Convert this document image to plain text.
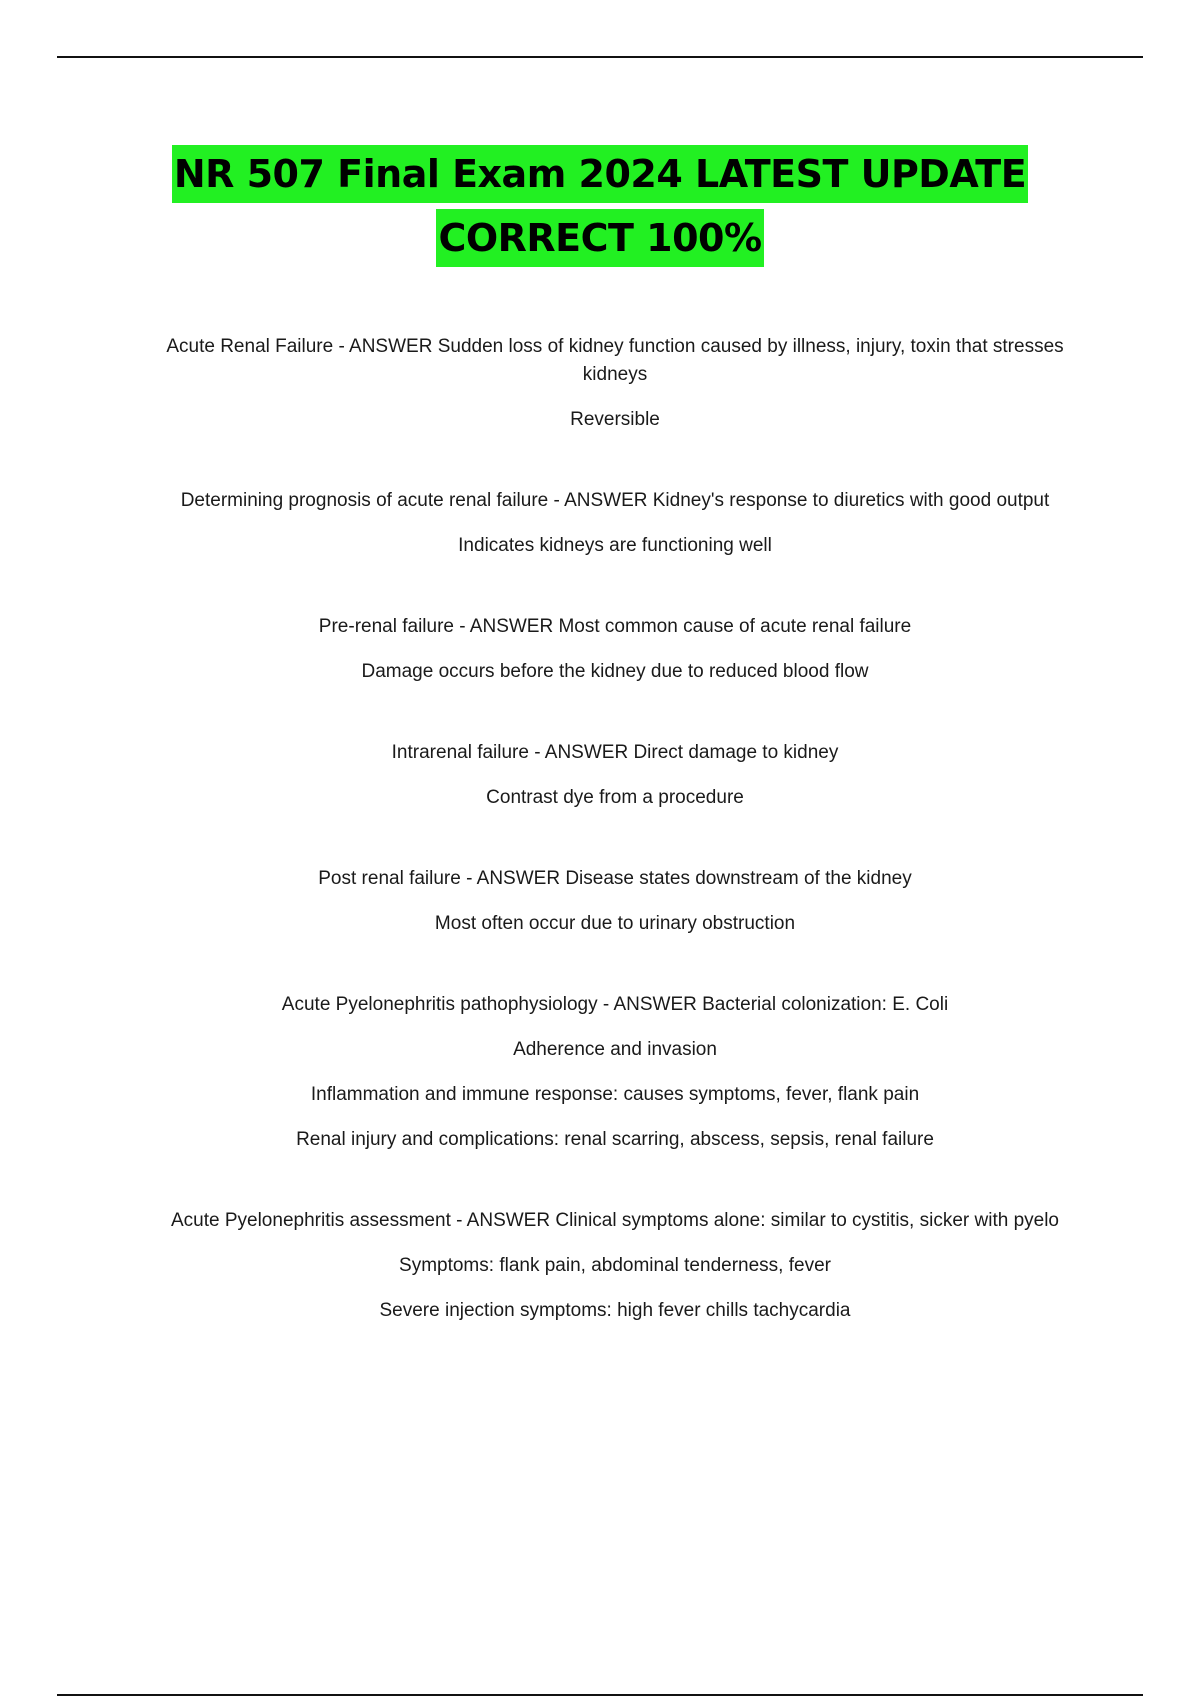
NR 507 Final Exam 2024 LATEST UPDATE
CORRECT 100%

Acute Renal Failure - ANSWER Sudden loss of kidney function caused by illness, injury, toxin that stresses kidneys

Reversible

Determining prognosis of acute renal failure - ANSWER Kidney's response to diuretics with good output

Indicates kidneys are functioning well

Pre-renal failure - ANSWER Most common cause of acute renal failure

Damage occurs before the kidney due to reduced blood flow

Intrarenal failure - ANSWER Direct damage to kidney

Contrast dye from a procedure

Post renal failure - ANSWER Disease states downstream of the kidney

Most often occur due to urinary obstruction

Acute Pyelonephritis pathophysiology - ANSWER Bacterial colonization: E. Coli

Adherence and invasion

Inflammation and immune response: causes symptoms, fever, flank pain

Renal injury and complications: renal scarring, abscess, sepsis, renal failure

Acute Pyelonephritis assessment - ANSWER Clinical symptoms alone: similar to cystitis, sicker with pyelo

Symptoms: flank pain, abdominal tenderness, fever

Severe injection symptoms: high fever chills tachycardia
